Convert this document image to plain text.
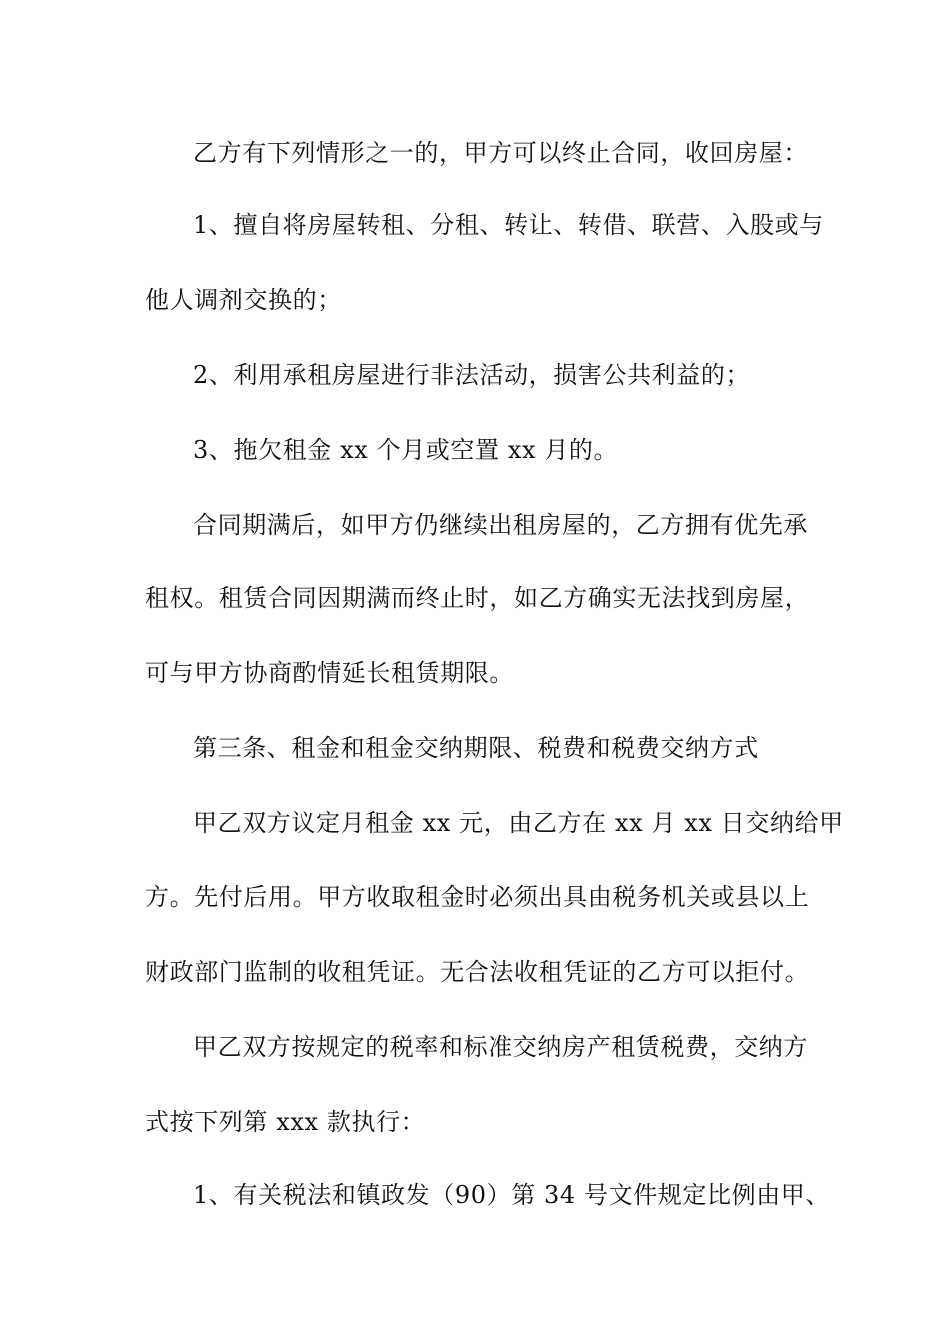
乙方有下列情形之一的，甲方可以终止合同，收回房屋：
1、擅自将房屋转租、分租、转让、转借、联营、入股或与
他人调剂交换的；
2、利用承租房屋进行非法活动，损害公共利益的；
3、拖欠租金 xx 个月或空置 xx 月的。
合同期满后，如甲方仍继续出租房屋的，乙方拥有优先承
租权。租赁合同因期满而终止时，如乙方确实无法找到房屋，
可与甲方协商酌情延长租赁期限。
第三条、租金和租金交纳期限、税费和税费交纳方式
甲乙双方议定月租金 xx 元，由乙方在 xx 月 xx 日交纳给甲
方。先付后用。甲方收取租金时必须出具由税务机关或县以上
财政部门监制的收租凭证。无合法收租凭证的乙方可以拒付。
甲乙双方按规定的税率和标准交纳房产租赁税费，交纳方
式按下列第 xxx 款执行：
1、有关税法和镇政发（90）第 34 号文件规定比例由甲、
